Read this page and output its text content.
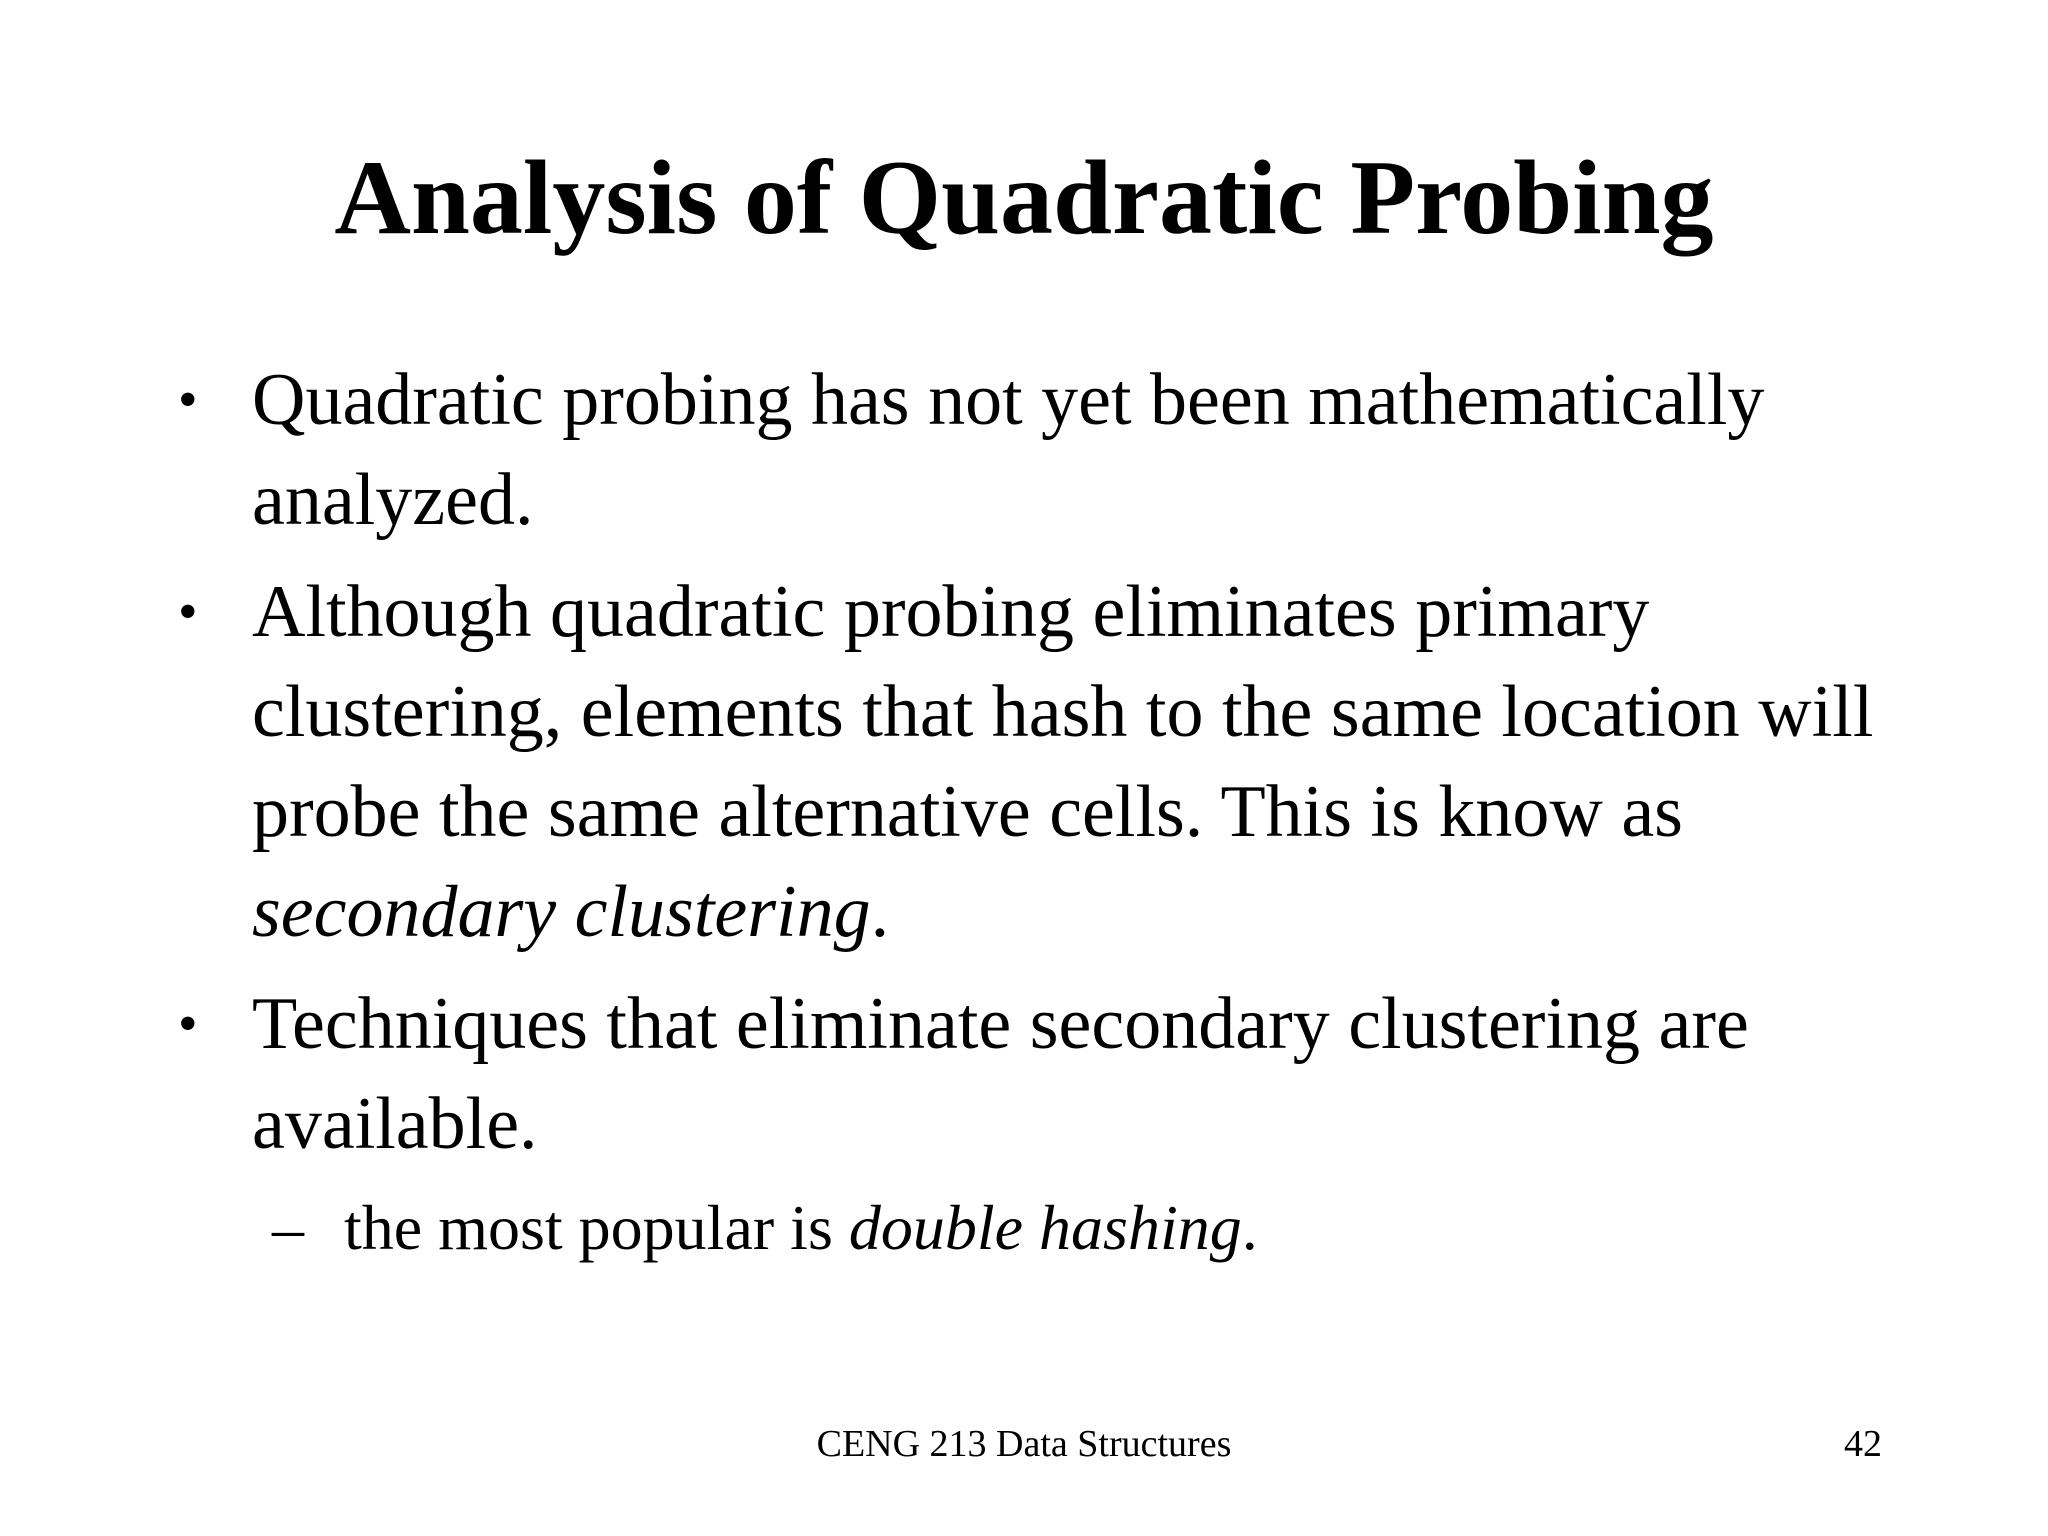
Analysis of Quadratic Probing
• Quadratic probing has not yet been mathematically analyzed.
• Although quadratic probing eliminates primary clustering, elements that hash to the same location will probe the same alternative cells. This is know as secondary clustering.
• Techniques that eliminate secondary clustering are available.
– the most popular is double hashing.
CENG 213 Data Structures	42
